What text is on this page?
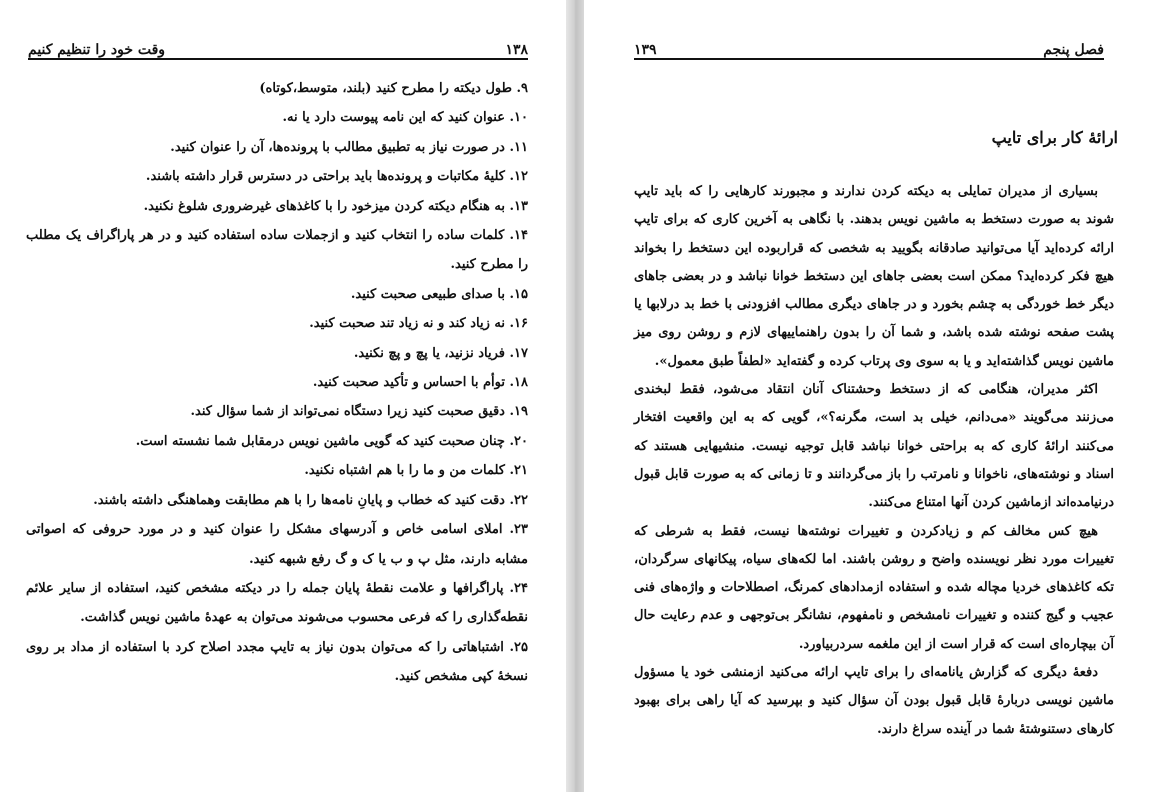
وقت خود را تنظیم کنیم	۱۳۸

۹. طول دیکته را مطرح کنید (بلند، متوسط،کوتاه)

۱۰. عنوان کنید که این نامه پیوست دارد یا نه.

۱۱. در صورت نیاز به تطبیق مطالب با پرونده‌ها، آن را عنوان کنید.

۱۲. کلیهٔ مکاتبات و پرونده‌ها باید براحتی در دسترس قرار داشته باشند.

۱۳. به هنگام دیکته کردن میزخود را با کاغذهای غیرضروری شلوغ نکنید.

۱۴. کلمات ساده را انتخاب کنید و ازجملات ساده استفاده کنید و در هر پاراگراف یک مطلب را مطرح کنید.

۱۵. با صدای طبیعی صحبت کنید.

۱۶. نه زیاد کند و نه زیاد تند صحبت کنید.

۱۷. فریاد نزنید، یا پچ و پچ نکنید.

۱۸. توأم با احساس و تأکید صحبت کنید.

۱۹. دقیق صحبت کنید زیرا دستگاه نمی‌تواند از شما سؤال کند.

۲۰. چنان صحبت کنید که گویی ماشین نویس درمقابل شما نشسته است.

۲۱. کلمات من و ما را با هم اشتباه نکنید.

۲۲. دقت کنید که خطاب و پایانِ نامه‌ها را با هم مطابقت وهماهنگی داشته باشند.

۲۳. املای اسامی خاص و آدرسهای مشکل را عنوان کنید و در مورد حروفی که اصواتی مشابه دارند، مثل پ و ب یا ک و گ رفع شبهه کنید.

۲۴. پاراگرافها و علامت نقطهٔ پایان جمله را در دیکته مشخص کنید، استفاده از سایر علائم نقطه‌گذاری را که فرعی محسوب می‌شوند می‌توان به عهدهٔ ماشین نویس گذاشت.

۲۵. اشتباهاتی را که می‌توان بدون نیاز به تایپ مجدد اصلاح کرد با استفاده از مداد بر روی نسخهٔ کپی مشخص کنید.

۱۳۹	فصل پنجم
ارائهٔ کار برای تایپ

بسیاری از مدیران تمایلی به دیکته کردن ندارند و مجبورند کارهایی را که باید تایپ شوند به صورت دستخط به ماشین نویس بدهند. با نگاهی به آخرین کاری که برای تایپ ارائه کرده‌اید آیا می‌توانید صادقانه بگویید به شخصی که قراربوده این دستخط را بخواند هیچ فکر کرده‌اید؟ ممکن است بعضی جاهای این دستخط خوانا نباشد و در بعضی جاهای دیگر خط خوردگی به چشم بخورد و در جاهای دیگری مطالب افزودنی با خط بد درلابها یا پشت صفحه نوشته شده باشد، و شما آن را بدون راهنماییهای لازم و روشن روی میز ماشین نویس گذاشته‌اید و یا به سوی وی پرتاب کرده و گفته‌اید «لطفاً طبق معمول».

اکثر مدیران، هنگامی که از دستخط وحشتناک آنان انتقاد می‌شود، فقط لبخندی می‌زنند می‌گویند «می‌دانم، خیلی بد است، مگرنه؟»، گویی که به این واقعیت افتخار می‌کنند ارائهٔ کاری که به براحتی خوانا نباشد قابل توجیه نیست. منشیهایی هستند که اسناد و نوشته‌های، ناخوانا و نامرتب را باز می‌گردانند و تا زمانی که به صورت قابل قبول درنیامده‌اند ازماشین کردن آنها امتناع می‌کنند.

هیچ کس مخالف کم و زیادکردن و تغییرات نوشته‌ها نیست، فقط به شرطی که تغییرات مورد نظر نویسنده واضح و روشن باشند. اما لکه‌های سیاه، پیکانهای سرگردان، تکه کاغذهای خردیا مچاله شده و استفاده ازمدادهای کمرنگ، اصطلاحات و واژه‌های فنی عجیب و گیج کننده و تغییرات نامشخص و نامفهوم، نشانگر بی‌توجهی و عدم رعایت حال آن بیچاره‌ای است که قرار است از این ملغمه سردربیاورد.

دفعهٔ دیگری که گزارش یانامه‌ای را برای تایپ ارائه می‌کنید ازمنشی خود یا مسؤول ماشین نویسی دربارهٔ قابل قبول بودن آن سؤال کنید و بپرسید که آیا راهی برای بهبود کارهای دستنوشتهٔ شما در آینده سراغ دارند.
